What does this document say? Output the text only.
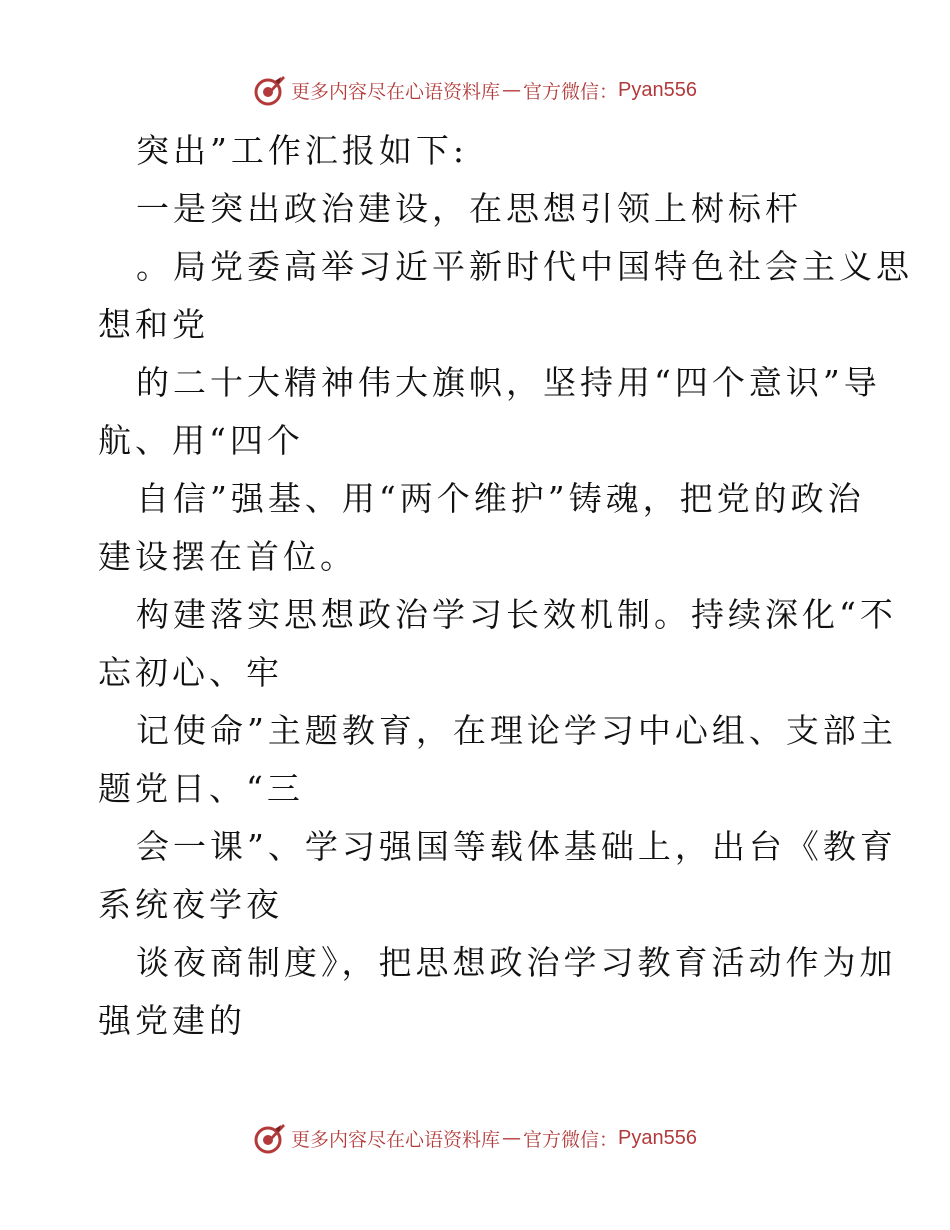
更多内容尽在心语资料库 — 官方微信： Pyan556
突出”工作汇报如下:
一是突出政治建设，在思想引领上树标杆
。局党委高举习近平新时代中国特色社会主义思
想和党
的二十大精神伟大旗帜，坚持用“四个意识”导
航、用“四个
自信”强基、用“两个维护”铸魂，把党的政治
建设摆在首位。
构建落实思想政治学习长效机制。持续深化“不
忘初心、牢
记使命”主题教育，在理论学习中心组、支部主
题党日、“三
会一课”、学习强国等载体基础上，出台《教育
系统夜学夜
谈夜商制度》，把思想政治学习教育活动作为加
强党建的
更多内容尽在心语资料库 — 官方微信： Pyan556
